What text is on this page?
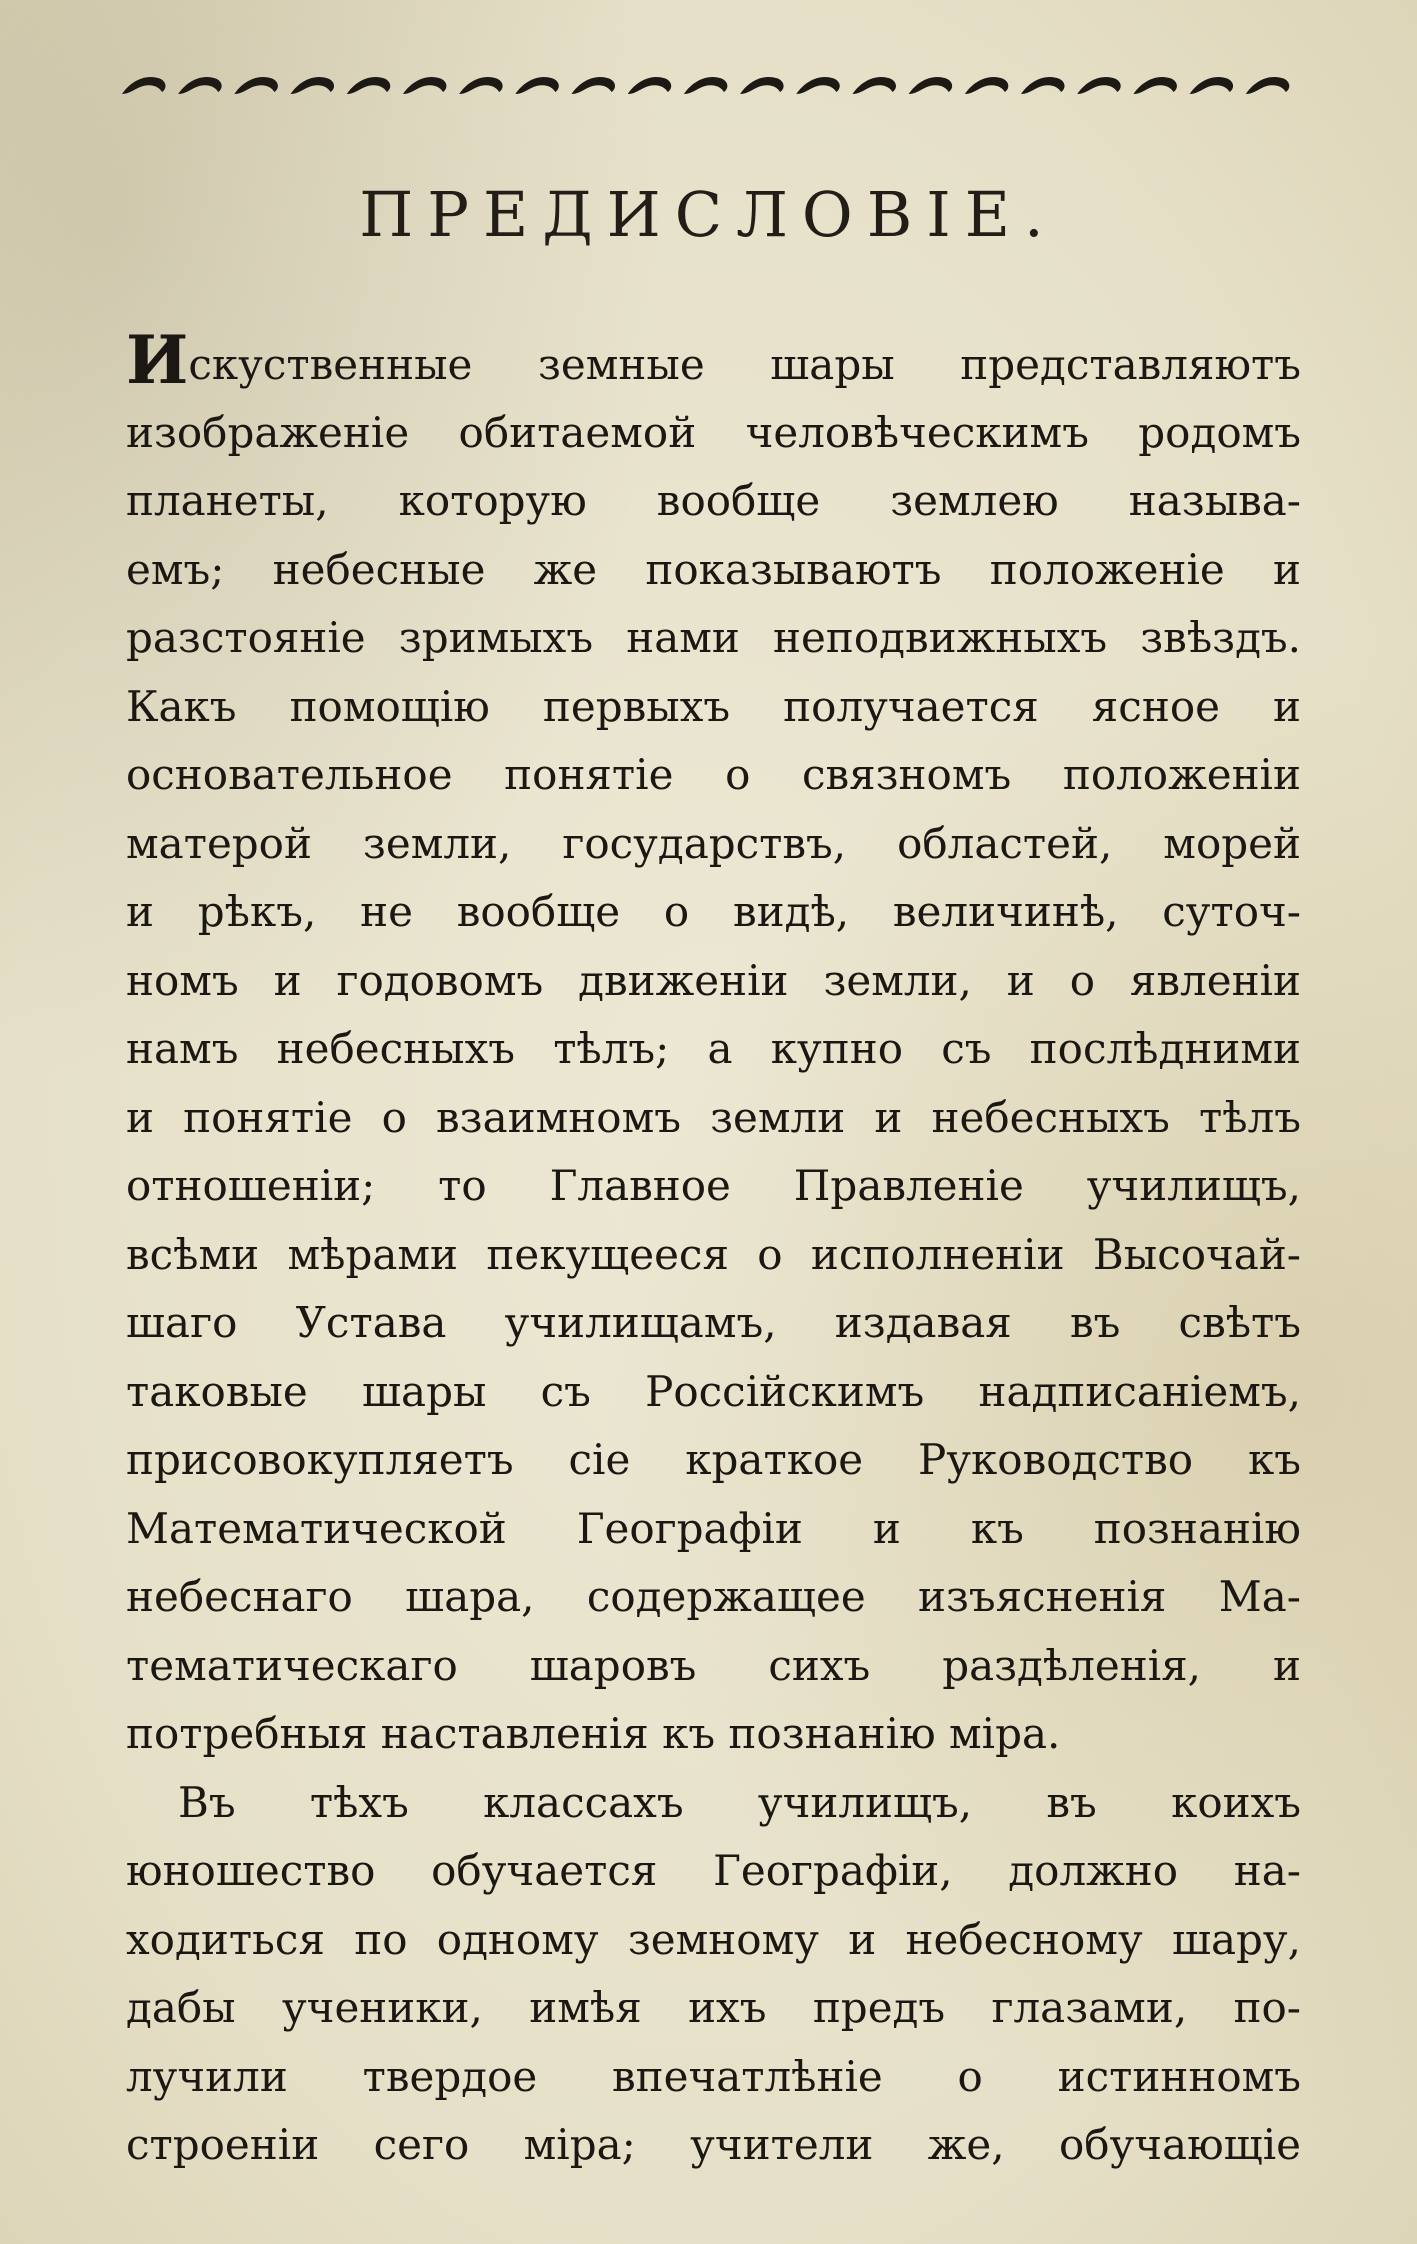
ПРЕДИСЛОВIЕ.
Искуственные земные шары представляютъ
изображенiе обитаемой человѣческимъ родомъ
планеты, которую вообще землею называ-
емъ; небесные же показываютъ положенiе и
разстоянiе зримыхъ нами неподвижныхъ звѣздъ.
Какъ помощiю первыхъ получается ясное и
основательное понятiе о связномъ положенiи
матерой земли, государствъ, областей, морей
и рѣкъ, не вообще о видѣ, величинѣ, суточ-
номъ и годовомъ движенiи земли, и о явленiи
намъ небесныхъ тѣлъ; а купно съ послѣдними
и понятiе о взаимномъ земли и небесныхъ тѣлъ
отношенiи; то Главное Правленiе училищъ,
всѣми мѣрами пекущееся о исполненiи Высочай-
шаго Устава училищамъ, издавая въ свѣтъ
таковые шары съ Россiйскимъ надписанiемъ,
присовокупляетъ сiе краткое Руководство къ
Математической Географiи и къ познанiю
небеснаго шара, содержащее изъясненiя Ма-
тематическаго шаровъ сихъ раздѣленiя, и
потребныя наставленiя къ познанiю мiра.
Въ тѣхъ классахъ училищъ, въ коихъ
юношество обучается Географiи, должно на-
ходиться по одному земному и небесному шару,
дабы ученики, имѣя ихъ предъ глазами, по-
лучили твердое впечатлѣнiе о истинномъ
строенiи сего мiра; учители же, обучающiе
